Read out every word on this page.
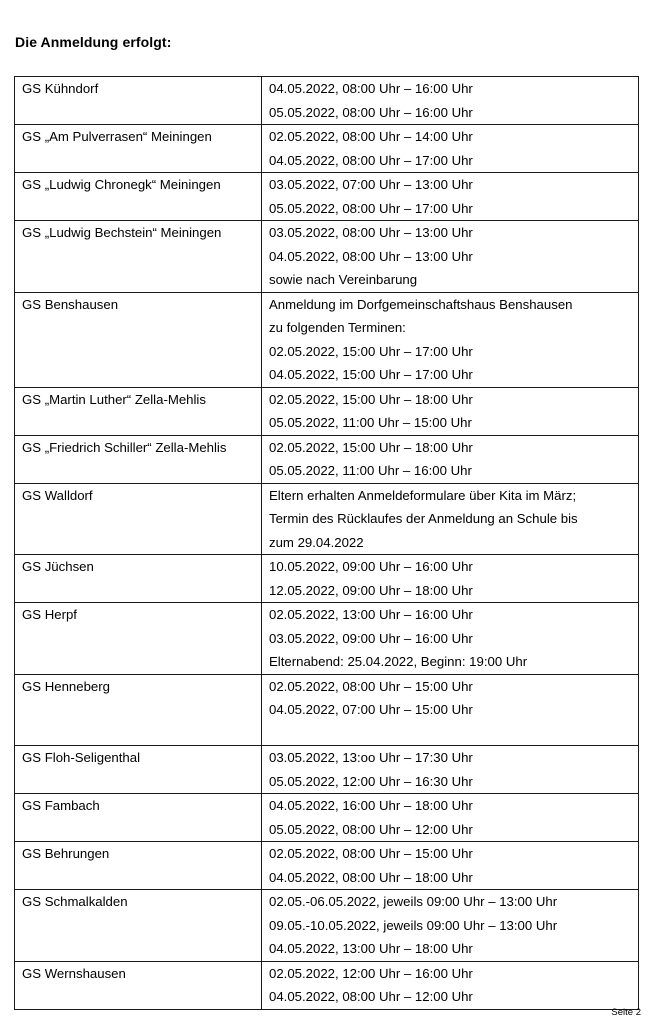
Die Anmeldung erfolgt:
GS Kühndorf	04.05.2022, 08:00 Uhr – 16:00 Uhr
05.05.2022, 08:00 Uhr – 16:00 Uhr

GS „Am Pulverrasen“ Meiningen	02.05.2022, 08:00 Uhr – 14:00 Uhr
04.05.2022, 08:00 Uhr – 17:00 Uhr

GS „Ludwig Chronegk“ Meiningen	03.05.2022, 07:00 Uhr – 13:00 Uhr
05.05.2022, 08:00 Uhr – 17:00 Uhr

GS „Ludwig Bechstein“ Meiningen	03.05.2022, 08:00 Uhr – 13:00 Uhr
04.05.2022, 08:00 Uhr – 13:00 Uhr
sowie nach Vereinbarung

GS Benshausen	Anmeldung im Dorfgemeinschaftshaus Benshausen
zu folgenden Terminen:
02.05.2022, 15:00 Uhr – 17:00 Uhr
04.05.2022, 15:00 Uhr – 17:00 Uhr

GS „Martin Luther“ Zella-Mehlis	02.05.2022, 15:00 Uhr – 18:00 Uhr
05.05.2022, 11:00 Uhr – 15:00 Uhr

GS „Friedrich Schiller“ Zella-Mehlis	02.05.2022, 15:00 Uhr – 18:00 Uhr
05.05.2022, 11:00 Uhr – 16:00 Uhr

GS Walldorf	Eltern erhalten Anmeldeformulare über Kita im März;
Termin des Rücklaufes der Anmeldung an Schule bis
zum 29.04.2022

GS Jüchsen	10.05.2022, 09:00 Uhr – 16:00 Uhr
12.05.2022, 09:00 Uhr – 18:00 Uhr

GS Herpf	02.05.2022, 13:00 Uhr – 16:00 Uhr
03.05.2022, 09:00 Uhr – 16:00 Uhr
Elternabend: 25.04.2022, Beginn: 19:00 Uhr

GS Henneberg	02.05.2022, 08:00 Uhr – 15:00 Uhr
04.05.2022, 07:00 Uhr – 15:00 Uhr

GS Floh-Seligenthal	03.05.2022, 13:oo Uhr – 17:30 Uhr
05.05.2022, 12:00 Uhr – 16:30 Uhr

GS Fambach	04.05.2022, 16:00 Uhr – 18:00 Uhr
05.05.2022, 08:00 Uhr – 12:00 Uhr

GS Behrungen	02.05.2022, 08:00 Uhr – 15:00 Uhr
04.05.2022, 08:00 Uhr – 18:00 Uhr

GS Schmalkalden	02.05.-06.05.2022, jeweils 09:00 Uhr – 13:00 Uhr
09.05.-10.05.2022, jeweils 09:00 Uhr – 13:00 Uhr
04.05.2022, 13:00 Uhr – 18:00 Uhr

GS Wernshausen	02.05.2022, 12:00 Uhr – 16:00 Uhr
04.05.2022, 08:00 Uhr – 12:00 Uhr
Seite 2
